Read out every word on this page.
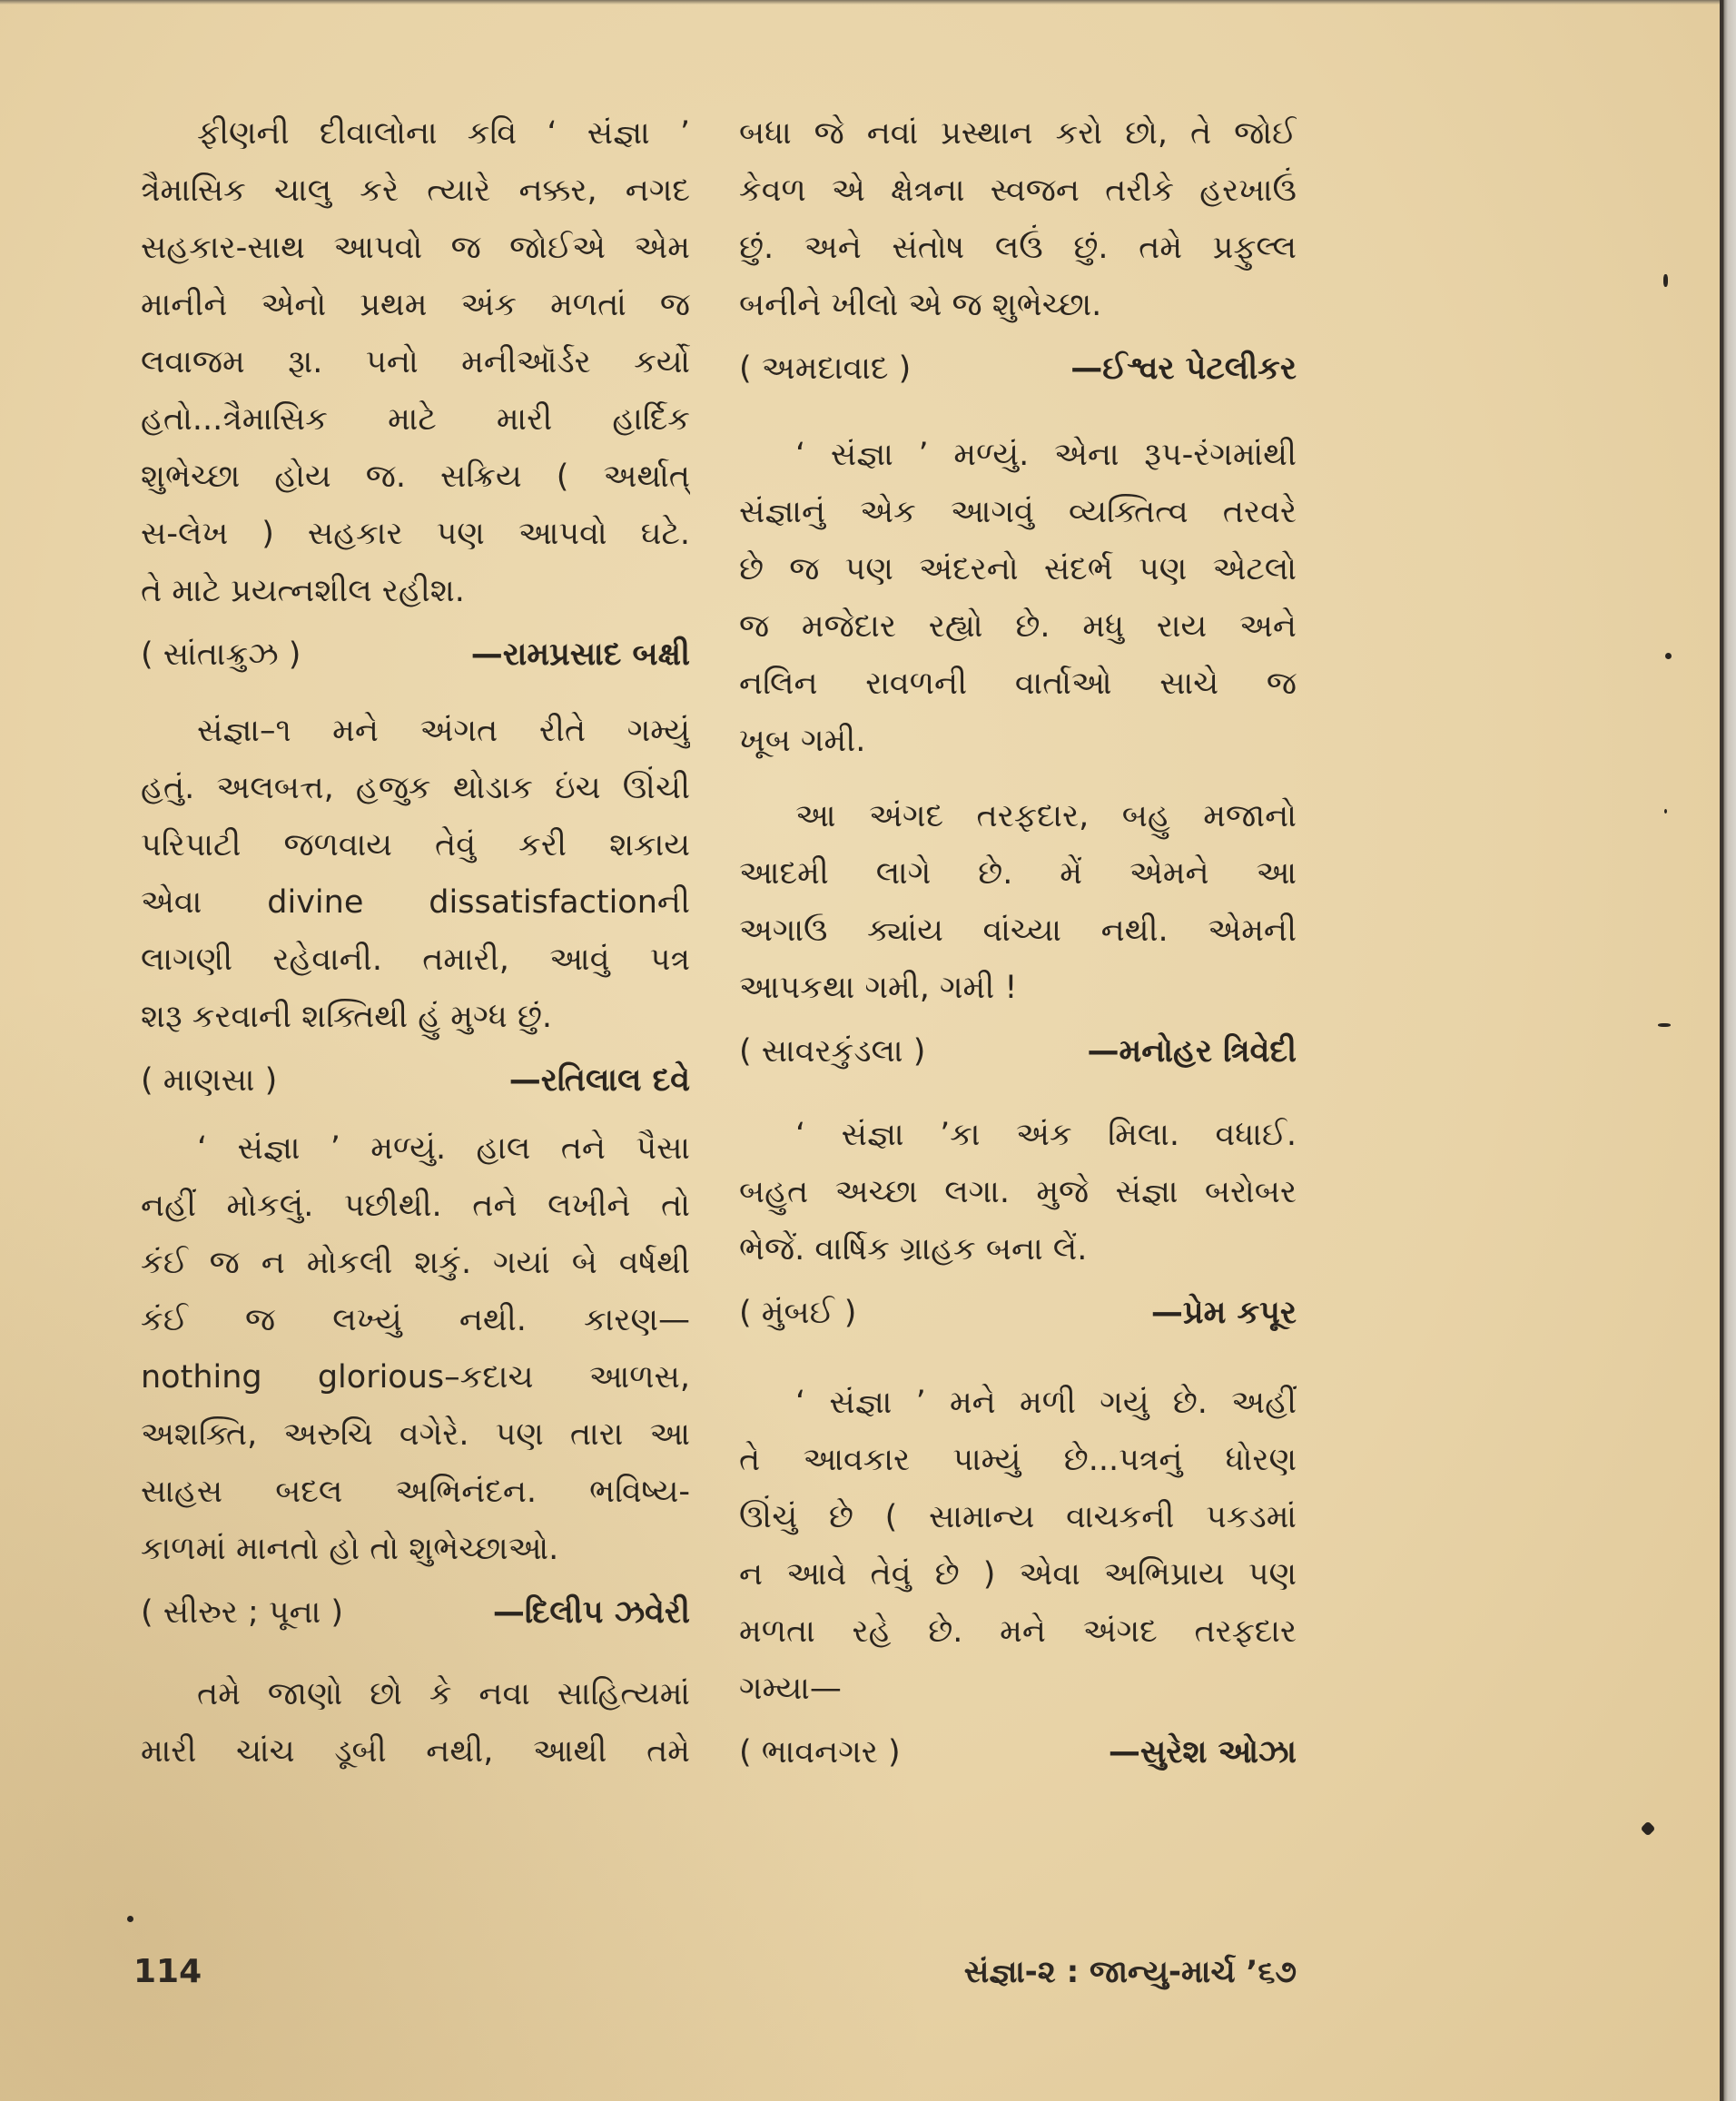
ફીણની દીવાલોના કવિ ‘ સંજ્ઞા ’
ત્રૈમાસિક ચાલુ કરે ત્યારે નક્કર, નગદ
સહકાર-સાથ આપવો જ જોઈએ એમ
માનીને એનો પ્રથમ અંક મળતાં જ
લવાજમ રૂા. ૫નો મનીઑર્ડર કર્યો
હતો...ત્રૈમાસિક માટે મારી હાર્દિક
શુભેચ્છા હોય જ. સક્રિય ( અર્થાત્
સ-લેખ ) સહકાર પણ આપવો ઘટે.
તે માટે પ્રયત્નશીલ રહીશ.
( સાંતાક્રુઝ )	—રામપ્રસાદ બક્ષી
સંજ્ઞા–૧ મને અંગત રીતે ગમ્યું
હતું. અલબત્ત, હજુક થોડાક ઇંચ ઊંચી
પરિપાટી જળવાય તેવું કરી શકાય
એવા divine dissatisfactionની
લાગણી રહેવાની. તમારી, આવું પત્ર
શરૂ કરવાની શક્તિથી હું મુગ્ધ છું.
( માણસા )	—રતિલાલ દવે
‘ સંજ્ઞા ’ મળ્યું. હાલ તને પૈસા
નહીં મોકલું. પછીથી. તને લખીને તો
કંઈ જ ન મોકલી શકું. ગયાં બે વર્ષથી
કંઈ જ લખ્યું નથી. કારણ—
nothing glorious–કદાચ આળસ,
અશક્તિ, અરુચિ વગેરે. પણ તારા આ
સાહસ બદલ અભિનંદન. ભવિષ્ય-
કાળમાં માનતો હો તો શુભેચ્છાઓ.
( સીરુર ; પૂના )	—દિલીપ ઝવેરી
તમે જાણો છો કે નવા સાહિત્યમાં
મારી ચાંચ ડૂબી નથી, આથી તમે
બધા જે નવાં પ્રસ્થાન કરો છો, તે જોઈ
કેવળ એ ક્ષેત્રના સ્વજન તરીકે હરખાઉં
છું. અને સંતોષ લઉં છું. તમે પ્રફુલ્લ
બનીને ખીલો એ જ શુભેચ્છા.
( અમદાવાદ )	—ઈશ્વર પેટલીકર
‘ સંજ્ઞા ’ મળ્યું. એના રૂપ-રંગમાંથી
સંજ્ઞાનું એક આગવું વ્યક્તિત્વ તરવરે
છે જ પણ અંદરનો સંદર્ભ પણ એટલો
જ મજેદાર રહ્યો છે. મધુ રાય અને
નલિન રાવળની વાર્તાઓ સાચે જ
ખૂબ ગમી.
આ અંગદ તરફદાર, બહુ મજાનો
આદમી લાગે છે. મેં એમને આ
અગાઉ ક્યાંય વાંચ્યા નથી. એમની
આપકથા ગમી, ગમી !
( સાવરકુંડલા )	—મનોહર ત્રિવેદી
‘ સંજ્ઞા ’કા અંક મિલા. વધાઈ.
બહુત અચ્છા લગા. મુજે સંજ્ઞા બરોબર
ભેજેં. વાર્ષિક ગ્રાહક બના લેં.
( મુંબઈ )	—પ્રેમ કપૂર
‘ સંજ્ઞા ’ મને મળી ગયું છે. અહીં
તે આવકાર પામ્યું છે...પત્રનું ધોરણ
ઊંચું છે ( સામાન્ય વાચકની પકડમાં
ન આવે તેવું છે ) એવા અભિપ્રાય પણ
મળતા રહે છે. મને અંગદ તરફદાર
ગમ્યા—
( ભાવનગર )	—સુરેશ ઓઝા
114	સંજ્ઞા-૨ : જાન્યુ-માર્ચ ’૬૭
